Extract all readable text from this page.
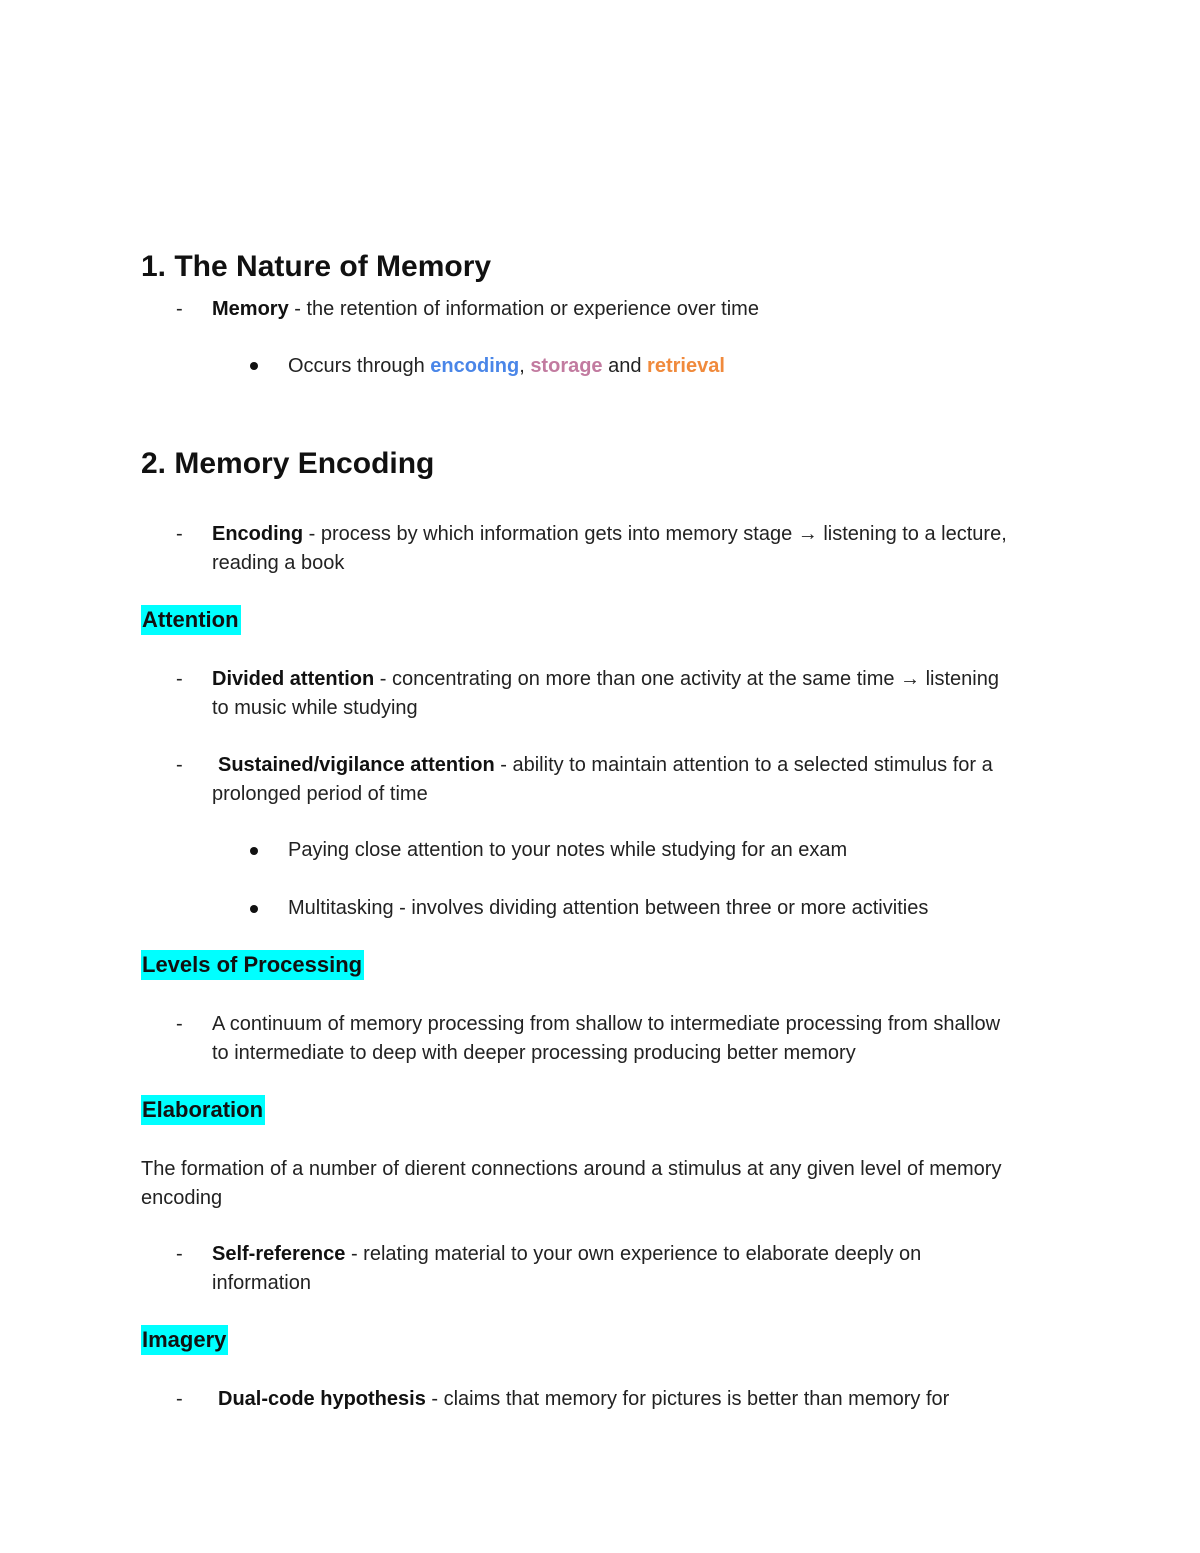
1. The Nature of Memory
- Memory - the retention of information or experience over time
Occurs through encoding, storage and retrieval
2. Memory Encoding
- Encoding - process by which information gets into memory stage → listening to a lecture, reading a book
Attention
- Divided attention - concentrating on more than one activity at the same time → listening to music while studying
-	Sustained/vigilance attention - ability to maintain attention to a selected stimulus for a prolonged period of time
Paying close attention to your notes while studying for an exam
Multitasking - involves dividing attention between three or more activities
Levels of Processing
- A continuum of memory processing from shallow to intermediate processing from shallow to intermediate to deep with deeper processing producing better memory
Elaboration
The formation of a number of dierent connections around a stimulus at any given level of memory encoding
- Self-reference - relating material to your own experience to elaborate deeply on information
Imagery
-	Dual-code hypothesis - claims that memory for pictures is better than memory for
